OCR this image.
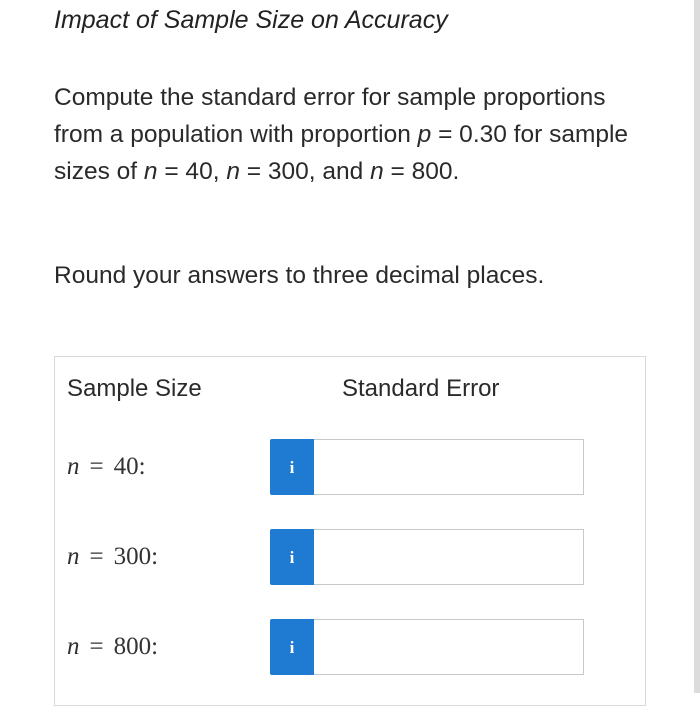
Impact of Sample Size on Accuracy
Compute the standard error for sample proportions from a population with proportion p = 0.30 for sample sizes of n = 40, n = 300, and n = 800.
Round your answers to three decimal places.
Sample Size	Standard Error
n = 40:	i
n = 300:	i
n = 800:	i
